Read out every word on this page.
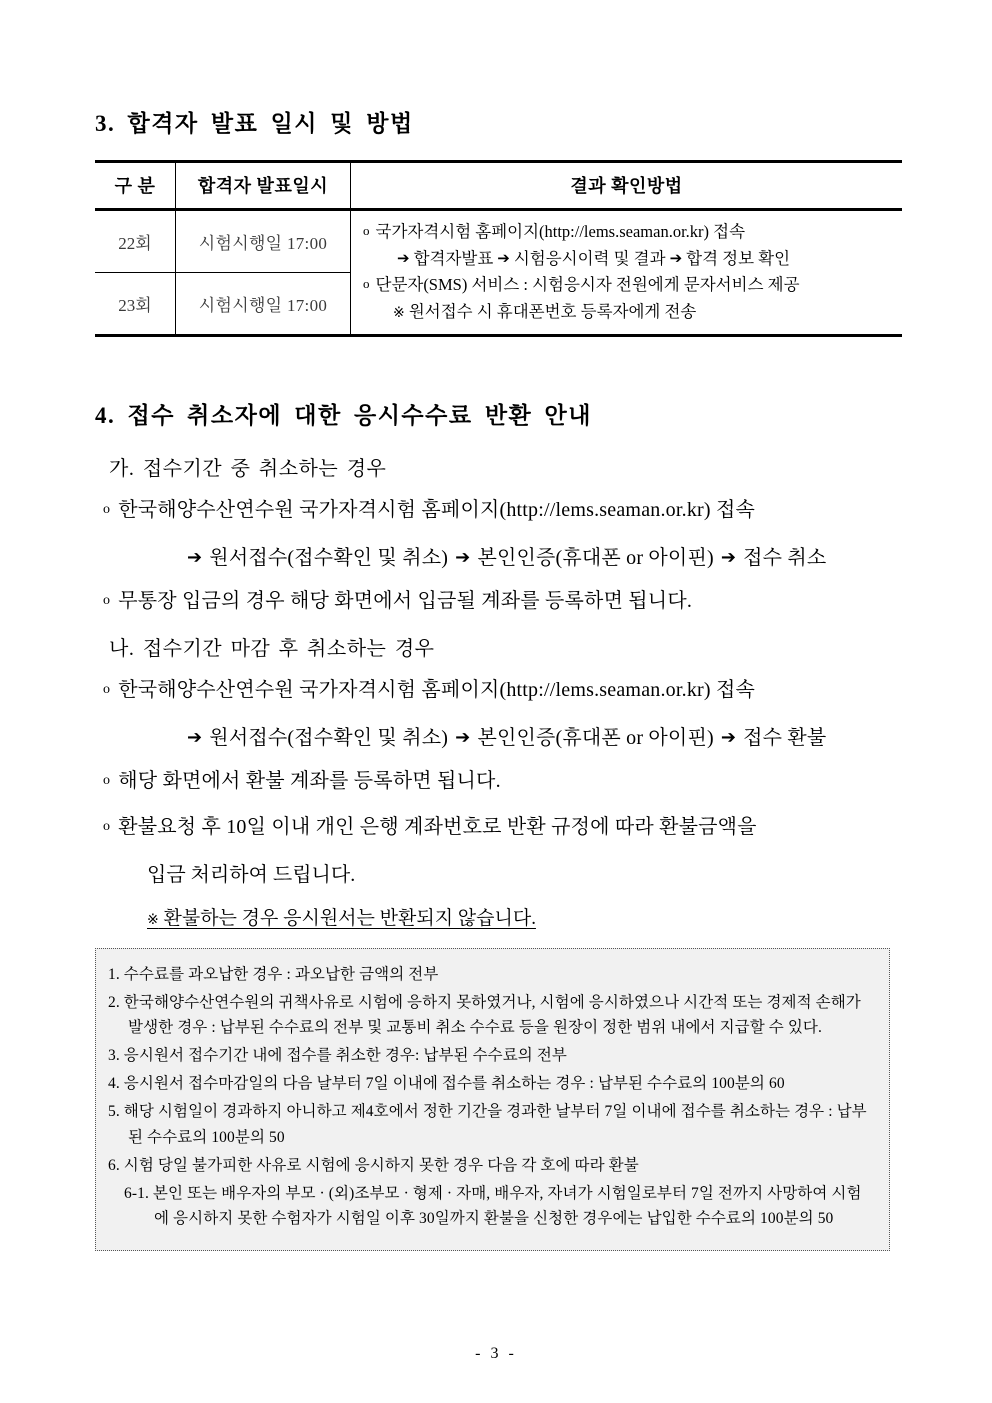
3. 합격자 발표 일시 및 방법
구 분	합격자 발표일시	결과 확인방법
22회	시험시행일 17:00	ο 국가자격시험 홈페이지(http://lems.seaman.or.kr) 접속
➔ 합격자발표 ➔ 시험응시이력 및 결과 ➔ 합격 정보 확인
ο 단문자(SMS) 서비스 : 시험응시자 전원에게 문자서비스 제공
※ 원서접수 시 휴대폰번호 등록자에게 전송

23회	시험시행일 17:00	
4. 접수 취소자에 대한 응시수수료 반환 안내
가. 접수기간 중 취소하는 경우
ο 한국해양수산연수원 국가자격시험 홈페이지(http://lems.seaman.or.kr) 접속
➔ 원서접수(접수확인 및 취소) ➔ 본인인증(휴대폰 or 아이핀) ➔ 접수 취소
ο 무통장 입금의 경우 해당 화면에서 입금될 계좌를 등록하면 됩니다.
나. 접수기간 마감 후 취소하는 경우
ο 한국해양수산연수원 국가자격시험 홈페이지(http://lems.seaman.or.kr) 접속
➔ 원서접수(접수확인 및 취소) ➔ 본인인증(휴대폰 or 아이핀) ➔ 접수 환불
ο 해당 화면에서 환불 계좌를 등록하면 됩니다.
ο 환불요청 후 10일 이내 개인 은행 계좌번호로 반환 규정에 따라 환불금액을
입금 처리하여 드립니다.
※ 환불하는 경우 응시원서는 반환되지 않습니다.
1. 수수료를 과오납한 경우 : 과오납한 금액의 전부
2. 한국해양수산연수원의 귀책사유로 시험에 응하지 못하였거나, 시험에 응시하였으나 시간적 또는 경제적 손해가 발생한 경우 : 납부된 수수료의 전부 및 교통비 취소 수수료 등을 원장이 정한 범위 내에서 지급할 수 있다.
3. 응시원서 접수기간 내에 접수를 취소한 경우: 납부된 수수료의 전부
4. 응시원서 접수마감일의 다음 날부터 7일 이내에 접수를 취소하는 경우 : 납부된 수수료의 100분의 60
5. 해당 시험일이 경과하지 아니하고 제4호에서 정한 기간을 경과한 날부터 7일 이내에 접수를 취소하는 경우 : 납부된 수수료의 100분의 50
6. 시험 당일 불가피한 사유로 시험에 응시하지 못한 경우 다음 각 호에 따라 환불
6-1. 본인 또는 배우자의 부모 · (외)조부모 · 형제 · 자매, 배우자, 자녀가 시험일로부터 7일 전까지 사망하여 시험에 응시하지 못한 수험자가 시험일 이후 30일까지 환불을 신청한 경우에는 납입한 수수료의 100분의 50
- 3 -
